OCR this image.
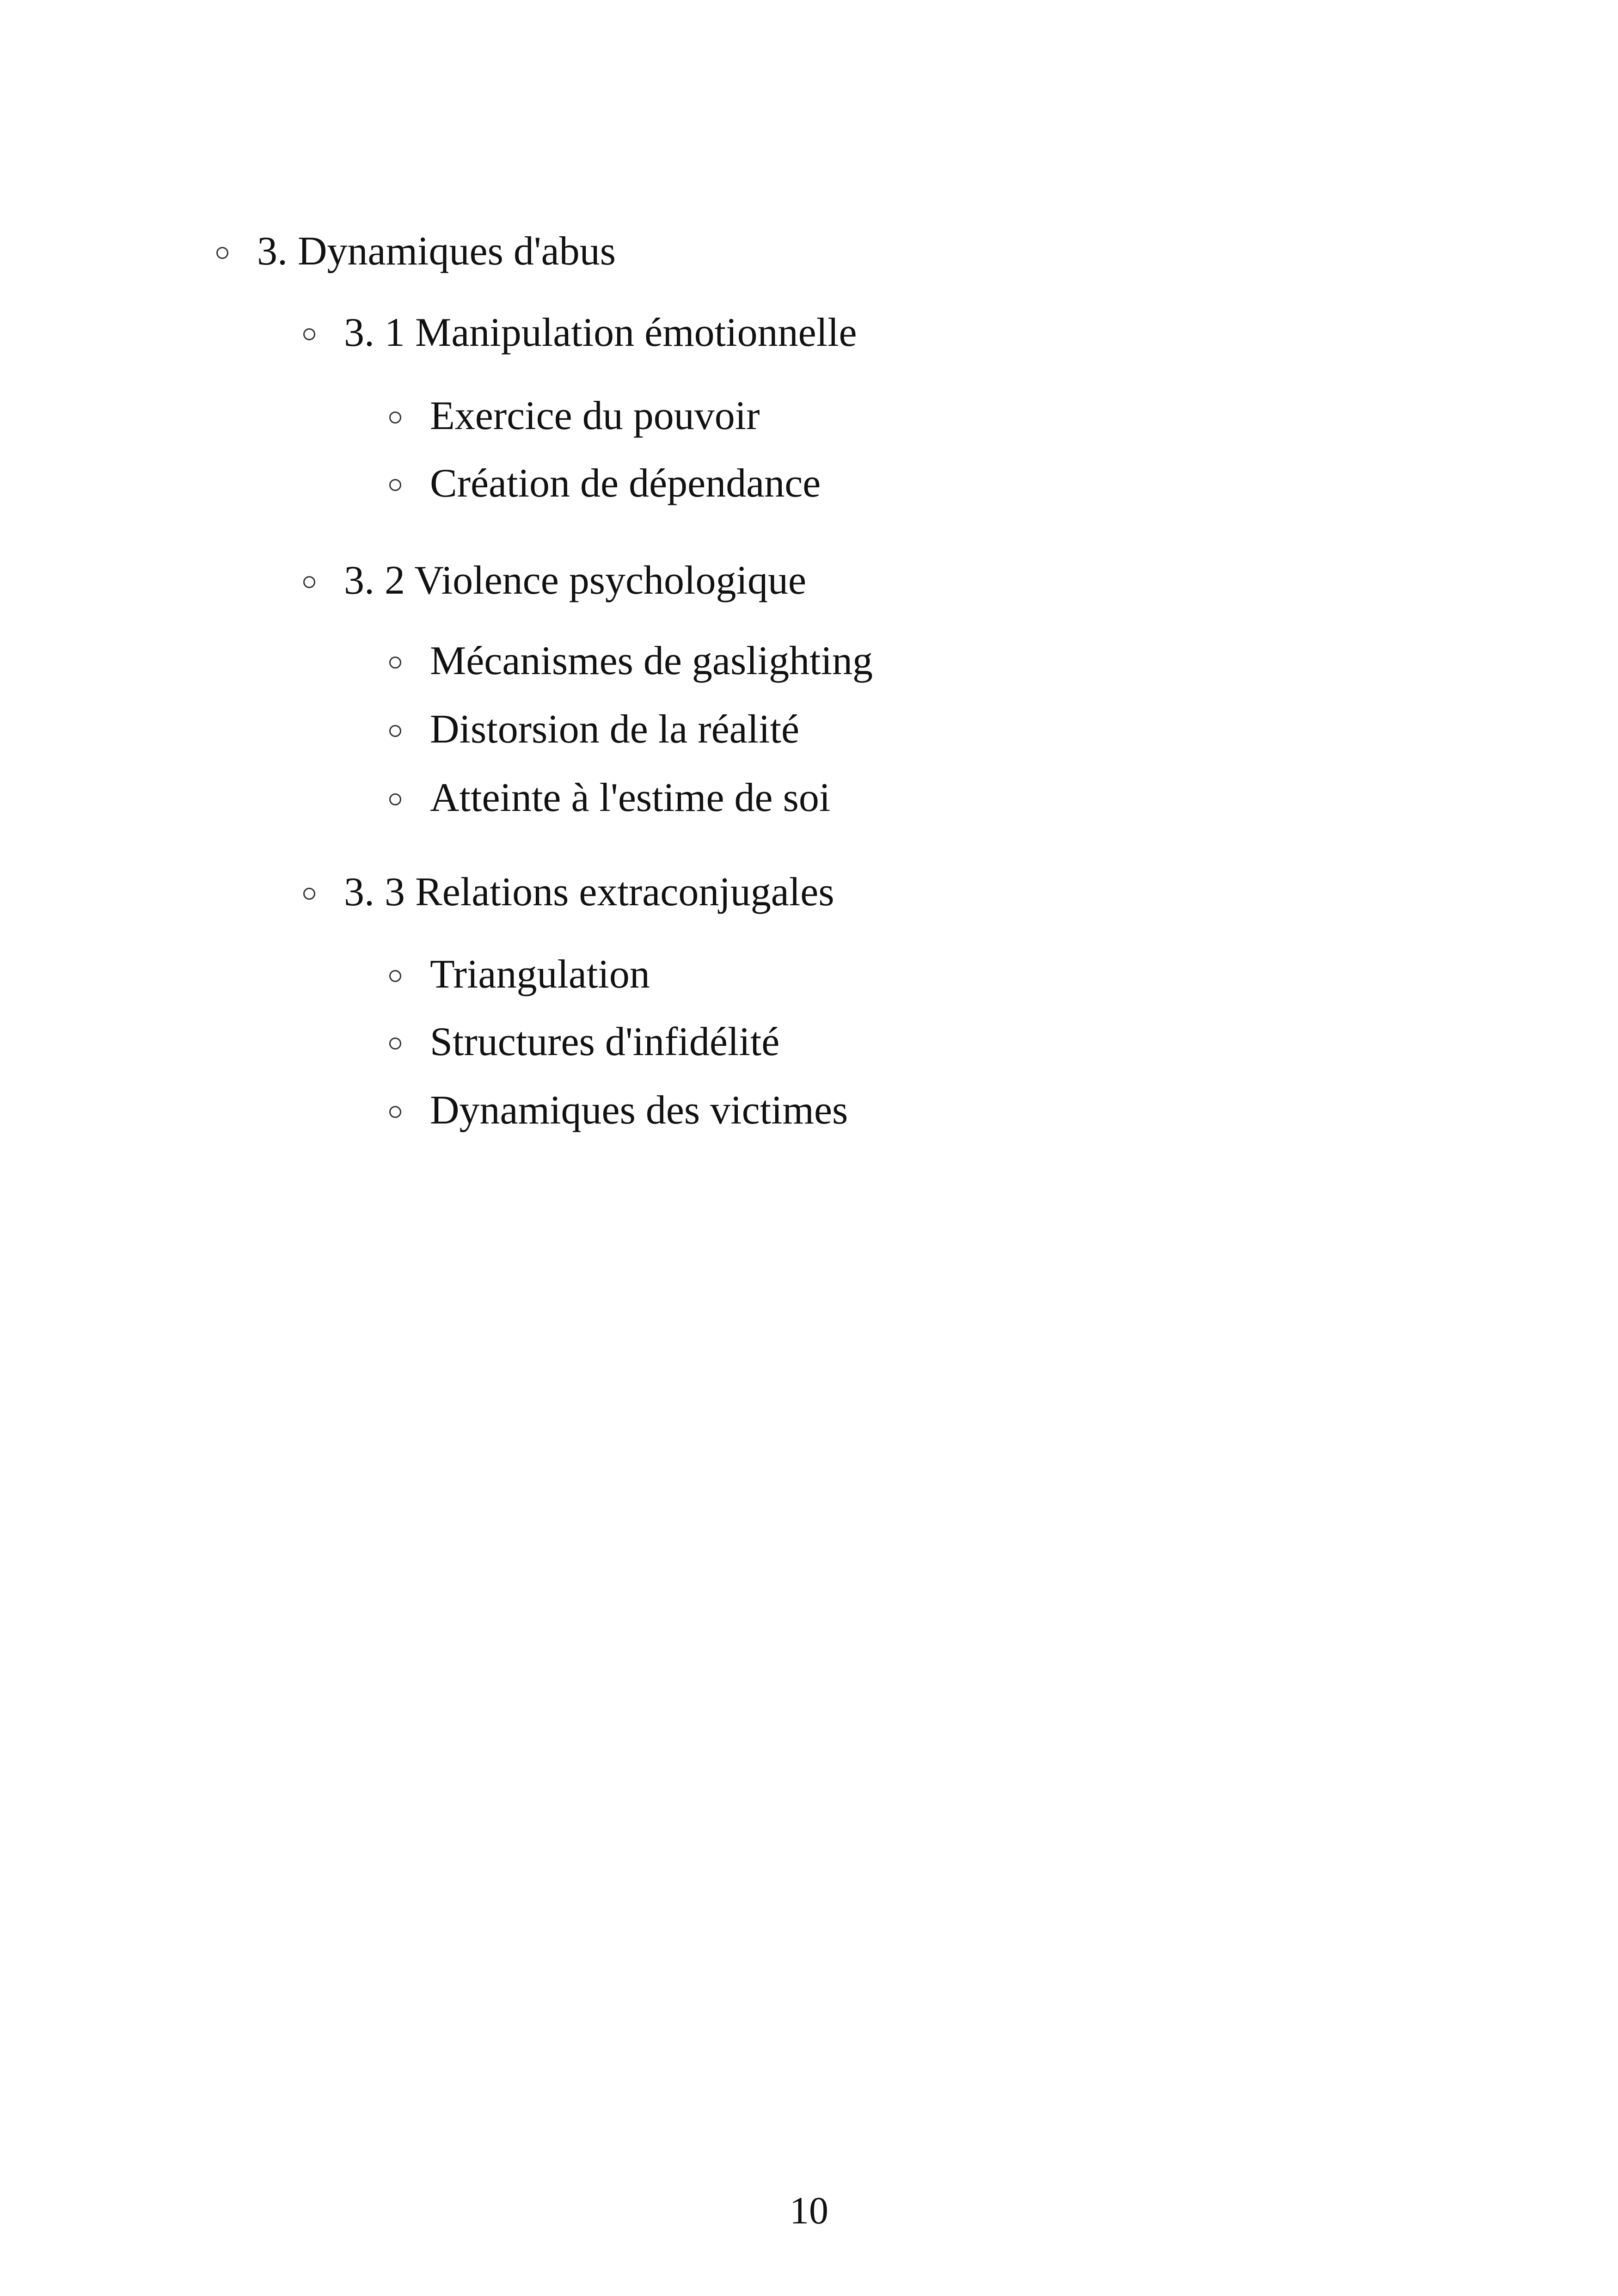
3. Dynamiques d'abus
3. 1 Manipulation émotionnelle
Exercice du pouvoir
Création de dépendance
3. 2 Violence psychologique
Mécanismes de gaslighting
Distorsion de la réalité
Atteinte à l'estime de soi
3. 3 Relations extraconjugales
Triangulation
Structures d'infidélité
Dynamiques des victimes
10
